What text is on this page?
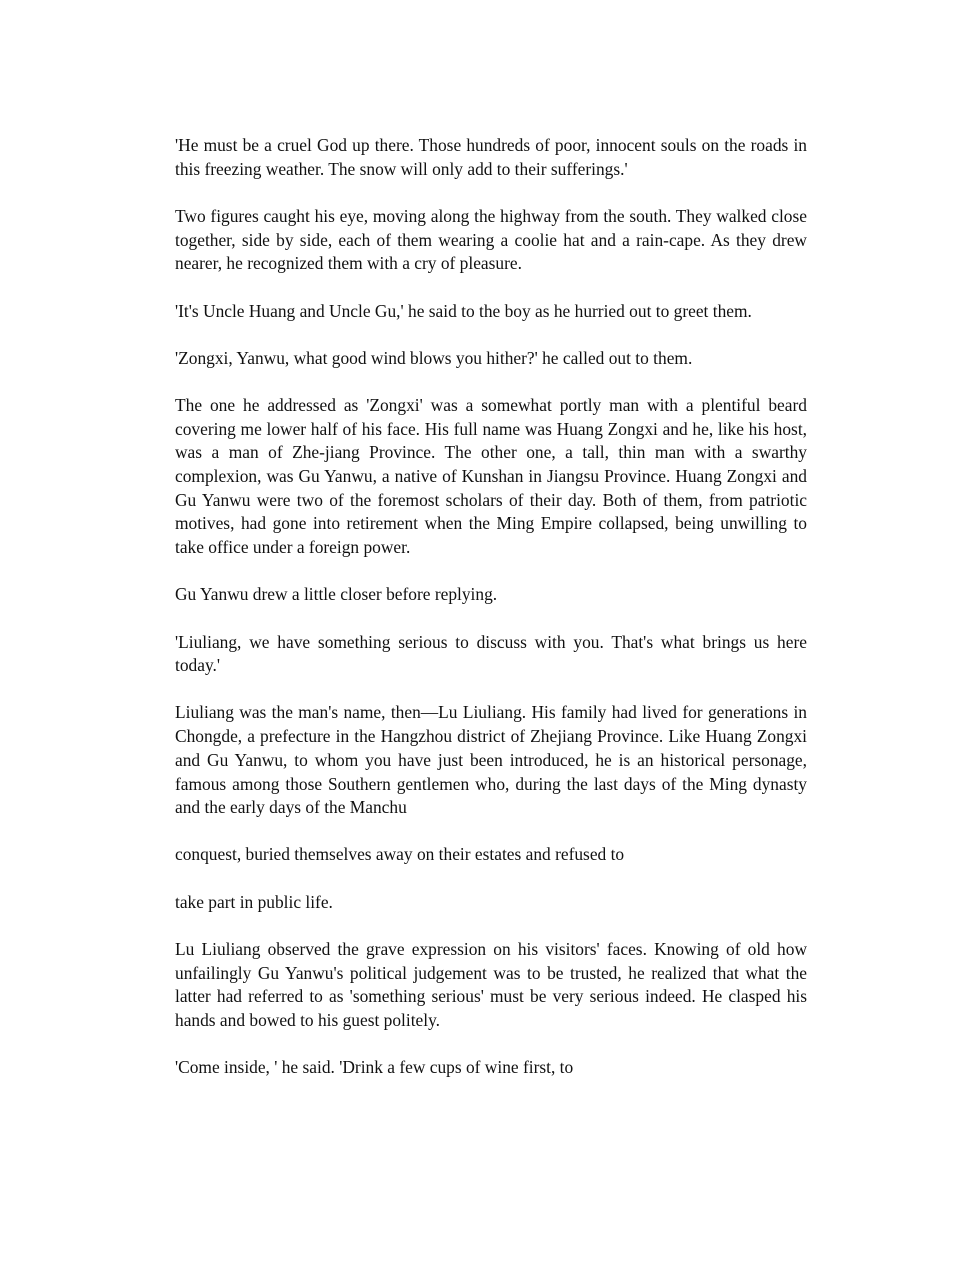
'He must be a cruel God up there. Those hundreds of poor, innocent souls on the roads in this freezing weather. The snow will only add to their sufferings.'

Two figures caught his eye, moving along the highway from the south. They walked close together, side by side, each of them wearing a coolie hat and a rain-cape. As they drew nearer, he recognized them with a cry of pleasure.

'It's Uncle Huang and Uncle Gu,' he said to the boy as he hurried out to greet them.

'Zongxi, Yanwu, what good wind blows you hither?' he called out to them.

The one he addressed as 'Zongxi' was a somewhat portly man with a plentiful beard covering me lower half of his face. His full name was Huang Zongxi and he, like his host, was a man of Zhe-jiang Province. The other one, a tall, thin man with a swarthy complexion, was Gu Yanwu, a native of Kunshan in Jiangsu Province. Huang Zongxi and Gu Yanwu were two of the foremost scholars of their day. Both of them, from patriotic motives, had gone into retirement when the Ming Empire collapsed, being unwilling to take office under a foreign power.

Gu Yanwu drew a little closer before replying.

'Liuliang, we have something serious to discuss with you. That's what brings us here today.'

Liuliang was the man's name, then—Lu Liuliang. His family had lived for generations in Chongde, a prefecture in the Hangzhou district of Zhejiang Province. Like Huang Zongxi and Gu Yanwu, to whom you have just been introduced, he is an historical personage, famous among those Southern gentlemen who, during the last days of the Ming dynasty and the early days of the Manchu

conquest, buried themselves away on their estates and refused to

take part in public life.

Lu Liuliang observed the grave expression on his visitors' faces. Knowing of old how unfailingly Gu Yanwu's political judgement was to be trusted, he realized that what the latter had referred to as 'something serious' must be very serious indeed. He clasped his hands and bowed to his guest politely.

'Come inside, ' he said. 'Drink a few cups of wine first, to
